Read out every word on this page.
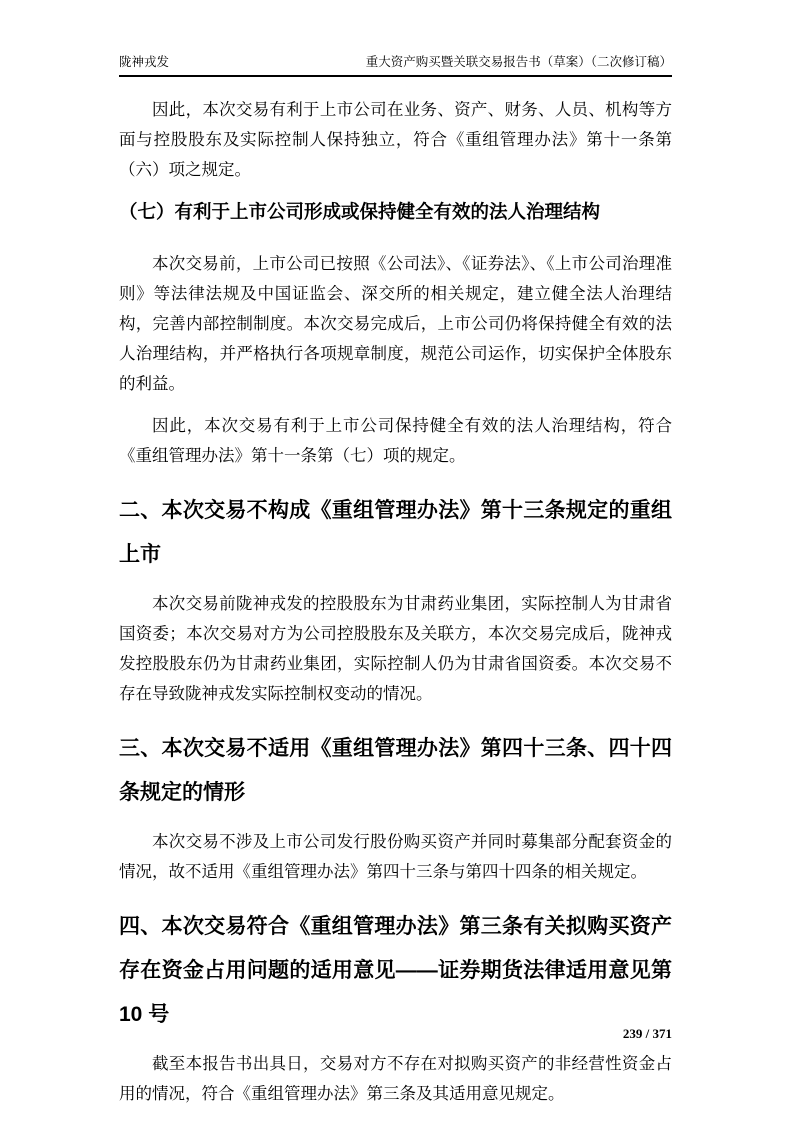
陇神戎发	重大资产购买暨关联交易报告书（草案）（二次修订稿）

因此，本次交易有利于上市公司在业务、资产、财务、人员、机构等方面与控股股东及实际控制人保持独立，符合《重组管理办法》第十一条第（六）项之规定。

（七）有利于上市公司形成或保持健全有效的法人治理结构

本次交易前，上市公司已按照《公司法》、《证券法》、《上市公司治理准则》等法律法规及中国证监会、深交所的相关规定，建立健全法人治理结构，完善内部控制制度。本次交易完成后，上市公司仍将保持健全有效的法人治理结构，并严格执行各项规章制度，规范公司运作，切实保护全体股东的利益。

因此，本次交易有利于上市公司保持健全有效的法人治理结构，符合《重组管理办法》第十一条第（七）项的规定。

二、本次交易不构成《重组管理办法》第十三条规定的重组上市

本次交易前陇神戎发的控股股东为甘肃药业集团，实际控制人为甘肃省国资委；本次交易对方为公司控股股东及关联方，本次交易完成后，陇神戎发控股股东仍为甘肃药业集团，实际控制人仍为甘肃省国资委。本次交易不存在导致陇神戎发实际控制权变动的情况。

三、本次交易不适用《重组管理办法》第四十三条、四十四条规定的情形

本次交易不涉及上市公司发行股份购买资产并同时募集部分配套资金的情况，故不适用《重组管理办法》第四十三条与第四十四条的相关规定。

四、本次交易符合《重组管理办法》第三条有关拟购买资产存在资金占用问题的适用意见——证券期货法律适用意见第 10 号

截至本报告书出具日，交易对方不存在对拟购买资产的非经营性资金占用的情况，符合《重组管理办法》第三条及其适用意见规定。

239 / 371
